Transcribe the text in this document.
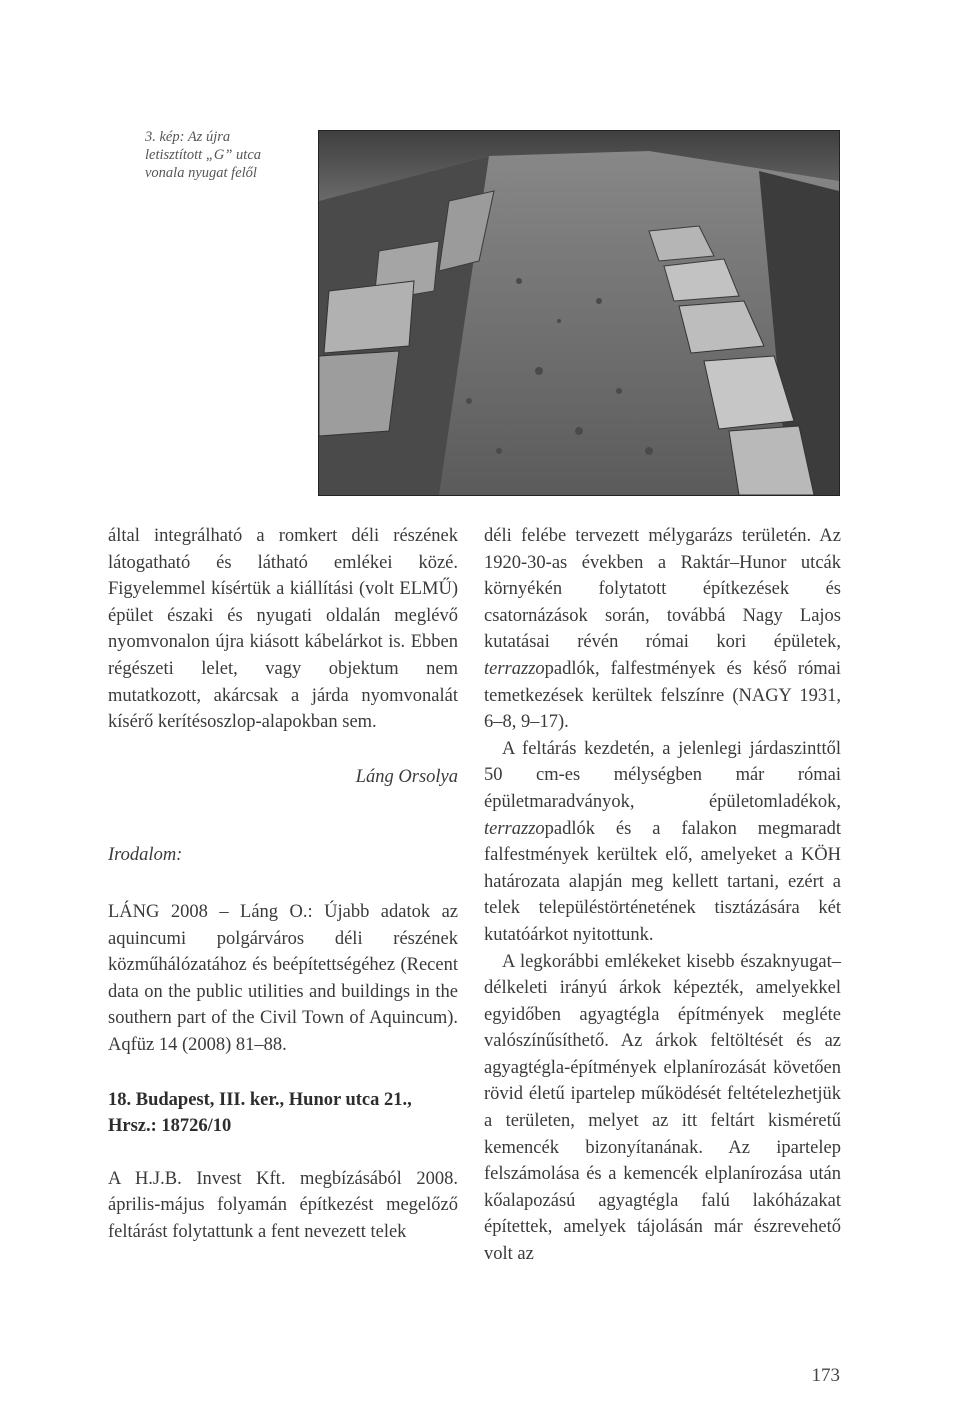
3. kép: Az újra
letisztított „G” utca
vonala nyugat felől

által integrálható a romkert déli részének látogatható és látható emlékei közé. Figyelemmel kísértük a kiállítási (volt ELMŰ) épület északi és nyugati oldalán meglévő nyomvonalon újra kiásott kábelárkot is. Ebben régészeti lelet, vagy objektum nem mutatkozott, akárcsak a járda nyomvonalát kísérő kerítésoszlop-alapokban sem.

Láng Orsolya

Irodalom:

LÁNG 2008 – Láng O.: Újabb adatok az aquincumi polgárváros déli részének közműhálózatához és beépítettségéhez (Recent data on the public utilities and buildings in the southern part of the Civil Town of Aquincum). Aqfüz 14 (2008) 81–88.

18. Budapest, III. ker., Hunor utca 21., Hrsz.: 18726/10

A H.J.B. Invest Kft. megbízásából 2008. április-május folyamán építkezést megelőző feltárást folytattunk a fent nevezett telek

déli felébe tervezett mélygarázs területén. Az 1920-30-as években a Raktár–Hunor utcák környékén folytatott építkezések és csatornázások során, továbbá Nagy Lajos kutatásai révén római kori épületek, terrazzopadlók, falfestmények és késő római temetkezések kerültek felszínre (NAGY 1931, 6–8, 9–17).

A feltárás kezdetén, a jelenlegi járdaszinttől 50 cm-es mélységben már római épületmaradványok, épületomladékok, terrazzopadlók és a falakon megmaradt falfestmények kerültek elő, amelyeket a KÖH határozata alapján meg kellett tartani, ezért a telek településtörténetének tisztázására két kutatóárkot nyitottunk.

A legkorábbi emlékeket kisebb északnyugat–délkeleti irányú árkok képezték, amelyekkel egyidőben agyagtégla építmények megléte valószínűsíthető. Az árkok feltöltését és az agyagtégla-építmények elplanírozását követően rövid életű ipartelep működését feltételezhetjük a területen, melyet az itt feltárt kisméretű kemencék bizonyítanának. Az ipartelep felszámolása és a kemencék elplanírozása után kőalapozású agyagtégla falú lakóházakat építettek, amelyek tájolásán már észrevehető volt az

173
